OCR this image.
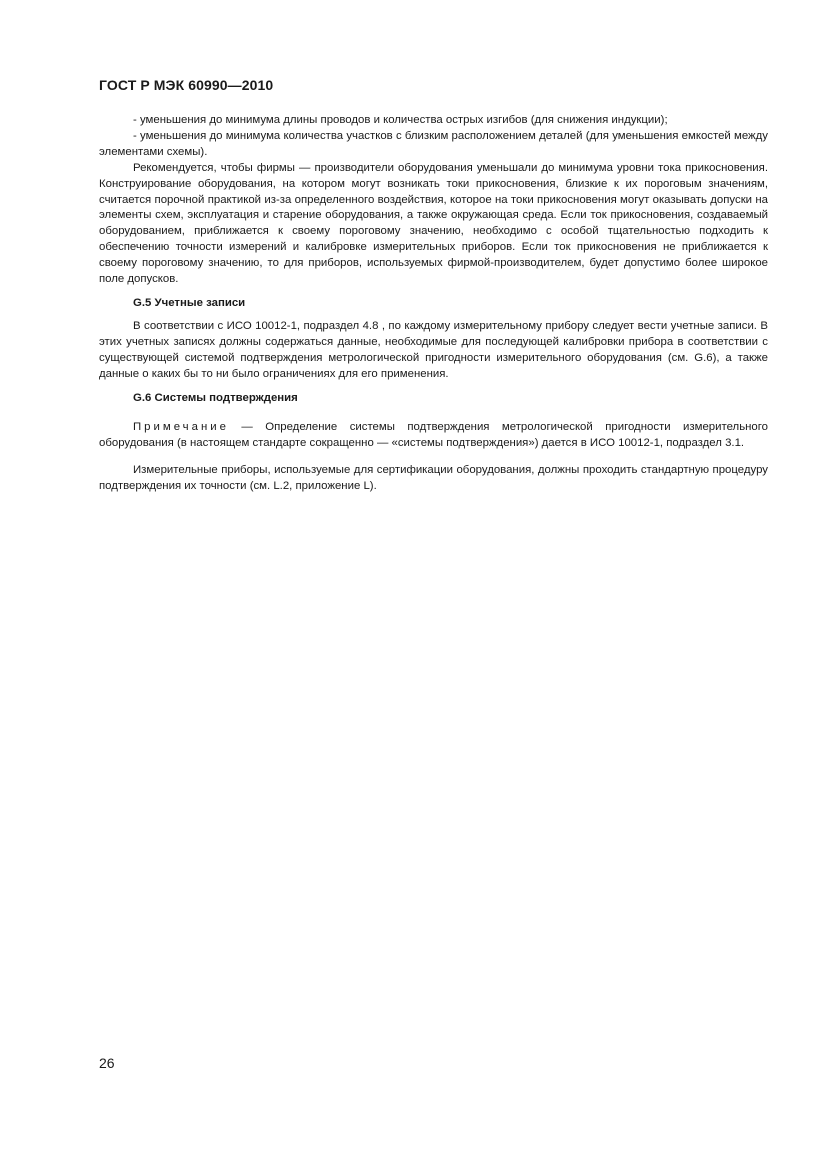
ГОСТ Р МЭК 60990—2010

- уменьшения до минимума длины проводов и количества острых изгибов (для снижения индукции);

- уменьшения до минимума количества участков с близким расположением деталей (для уменьшения емкостей между элементами схемы).

Рекомендуется, чтобы фирмы — производители оборудования уменьшали до минимума уровни тока прикосновения. Конструирование оборудования, на котором могут возникать токи прикосновения, близкие к их пороговым значениям, считается порочной практикой из-за определенного воздействия, которое на токи прикосновения могут оказывать допуски на элементы схем, эксплуатация и старение оборудования, а также окружающая среда. Если ток прикосновения, создаваемый оборудованием, приближается к своему пороговому значению, необходимо с особой тщательностью подходить к обеспечению точности измерений и калибровке измерительных приборов. Если ток прикосновения не приближается к своему пороговому значению, то для приборов, используемых фирмой-производителем, будет допустимо более широкое поле допусков.

G.5 Учетные записи

В соответствии с ИСО 10012-1, подраздел 4.8 , по каждому измерительному прибору следует вести учетные записи. В этих учетных записях должны содержаться данные, необходимые для последующей калибровки прибора в соответствии с существующей системой подтверждения метрологической пригодности измерительного оборудования (см. G.6), а также данные о каких бы то ни было ограничениях для его применения.

G.6 Системы подтверждения

Примечание — Определение системы подтверждения метрологической пригодности измерительного оборудования (в настоящем стандарте сокращенно — «системы подтверждения») дается в ИСО 10012-1, подраздел 3.1.

Измерительные приборы, используемые для сертификации оборудования, должны проходить стандартную процедуру подтверждения их точности (см. L.2, приложение L).

26
